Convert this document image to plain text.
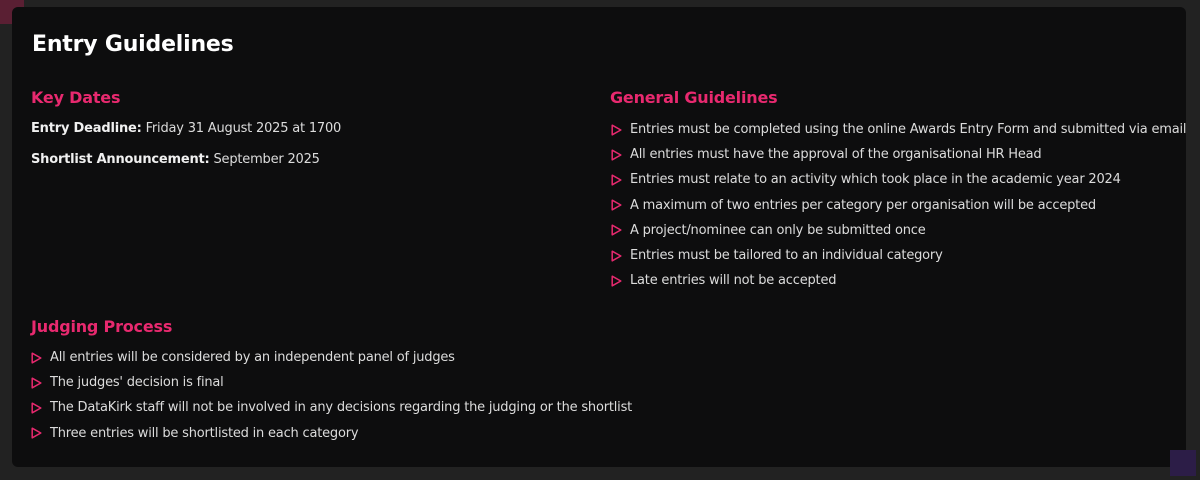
Entry Guidelines
Key Dates
Entry Deadline: Friday 31 August 2025 at 1700
Shortlist Announcement: September 2025
General Guidelines
Entries must be completed using the online Awards Entry Form and submitted via email
All entries must have the approval of the organisational HR Head
Entries must relate to an activity which took place in the academic year 2024
A maximum of two entries per category per organisation will be accepted
A project/nominee can only be submitted once
Entries must be tailored to an individual category
Late entries will not be accepted
Judging Process
All entries will be considered by an independent panel of judges
The judges' decision is final
The DataKirk staff will not be involved in any decisions regarding the judging or the shortlist
Three entries will be shortlisted in each category
